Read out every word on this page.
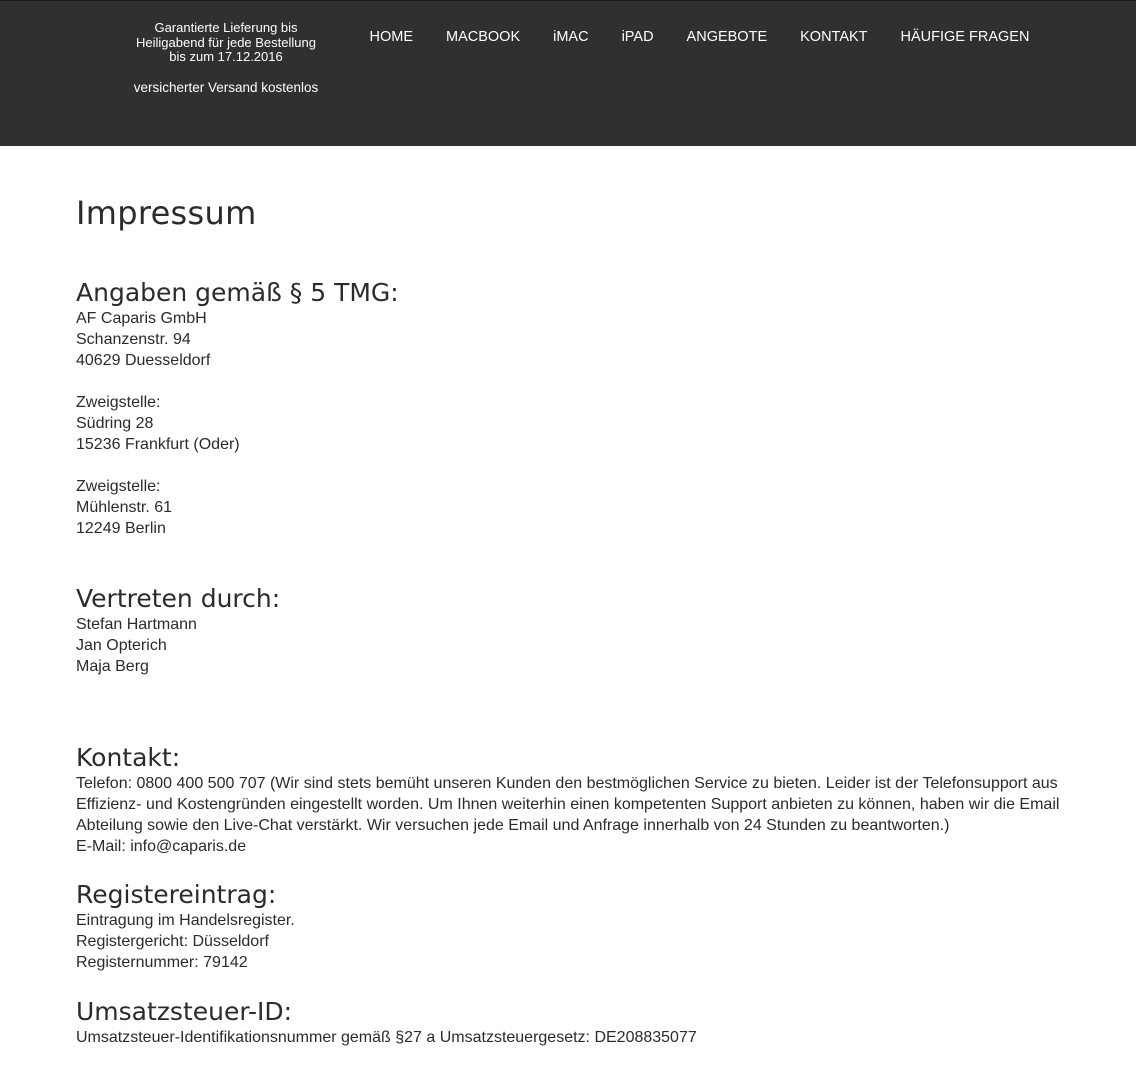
Garantierte Lieferung bis Heiligabend für jede Bestellung bis zum 17.12.2016
versicherter Versand kostenlos
HOME	MACBOOK	iMAC	iPAD	ANGEBOTE	KONTAKT	HÄUFIGE FRAGEN
Impressum
Angaben gemäß § 5 TMG:
AF Caparis GmbH
Schanzenstr. 94
40629 Duesseldorf
Zweigstelle:
Südring 28
15236 Frankfurt (Oder)
Zweigstelle:
Mühlenstr. 61
12249 Berlin
Vertreten durch:
Stefan Hartmann
Jan Opterich
Maja Berg
Kontakt:
Telefon: 0800 400 500 707 (Wir sind stets bemüht unseren Kunden den bestmöglichen Service zu bieten. Leider ist der Telefonsupport aus Effizienz- und Kostengründen eingestellt worden. Um Ihnen weiterhin einen kompetenten Support anbieten zu können, haben wir die Email Abteilung sowie den Live-Chat verstärkt. Wir versuchen jede Email und Anfrage innerhalb von 24 Stunden zu beantworten.)
E-Mail: info@caparis.de
Registereintrag:
Eintragung im Handelsregister.
Registergericht: Düsseldorf
Registernummer: 79142
Umsatzsteuer-ID:
Umsatzsteuer-Identifikationsnummer gemäß §27 a Umsatzsteuergesetz: DE208835077
